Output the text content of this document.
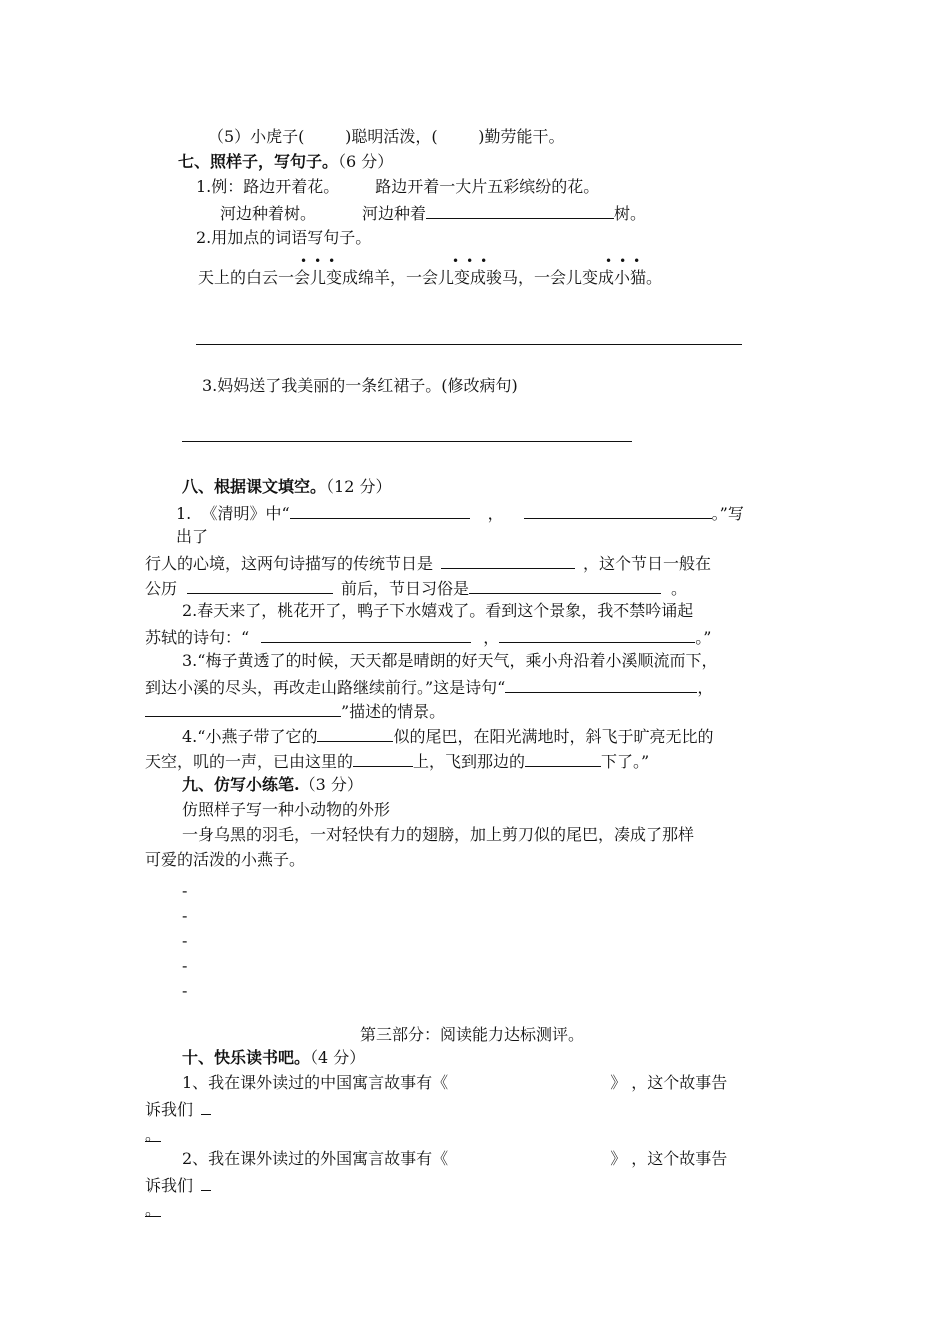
（5）小虎子(        )聪明活泼，(        )勤劳能干。
七、照样子，写句子。（6 分）
1.例：路边开着花。 路边开着一大片五彩缤纷的花。
河边种着树。	河边种着	树。
2.用加点的词语写句子。
•••	•••	•••
天上的白云一会儿变成绵羊，一会儿变成骏马，一会儿变成小猫。
3.妈妈送了我美丽的一条红裙子。(修改病句)
八、根据课文填空。（12 分）
1.  《清明》中“	，	。”写
出了
行人的心境，这两句诗描写的传统节日是	，这个节日一般在
公历	前后，节日习俗是	。
2.春天来了，桃花开了，鸭子下水嬉戏了。看到这个景象，我不禁吟诵起
苏轼的诗句：“	，	。”
3.“梅子黄透了的时候，天天都是晴朗的好天气，乘小舟沿着小溪顺流而下，
到达小溪的尽头，再改走山路继续前行。”这是诗句“	，
”描述的情景。
4.“小燕子带了它的	似的尾巴，在阳光满地时，斜飞于旷亮无比的
天空，叽的一声，已由这里的	上，飞到那边的	下了。”
九、仿写小练笔.（3 分）
仿照样子写一种小动物的外形
一身乌黑的羽毛，一对轻快有力的翅膀，加上剪刀似的尾巴，凑成了那样
可爱的活泼的小燕子。
-
-
-
-
-
第三部分：阅读能力达标测评。
十、快乐读书吧。（4 分）
1、我在课外读过的中国寓言故事有《	》 ，这个故事告
诉我们
。
2、我在课外读过的外国寓言故事有《	》 ，这个故事告
诉我们
。
